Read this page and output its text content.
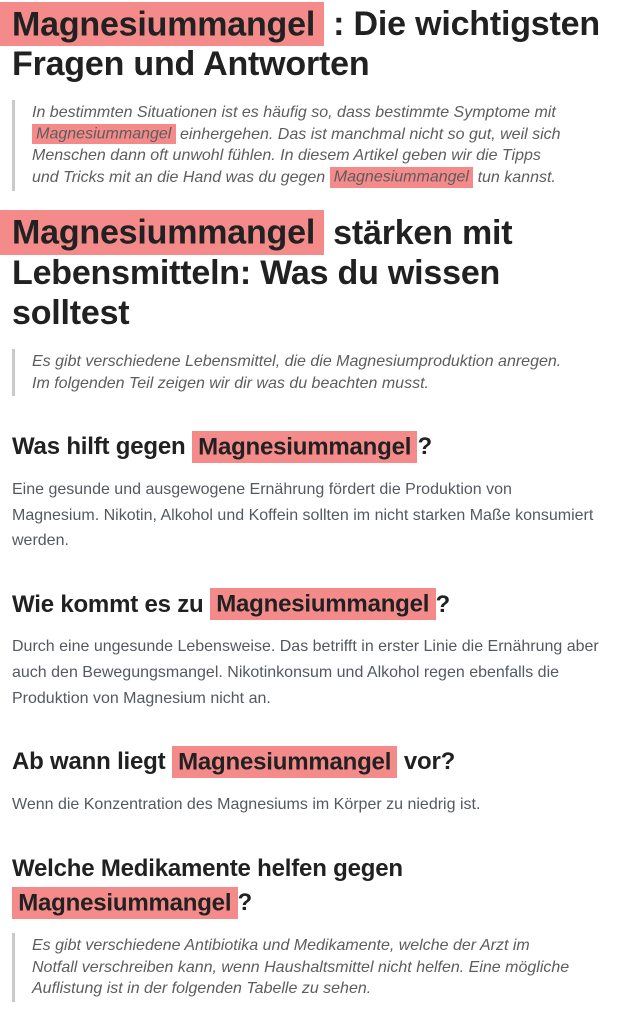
Magnesiummangel : Die wichtigsten Fragen und Antworten
In bestimmten Situationen ist es häufig so, dass bestimmte Symptome mit Magnesiummangel einhergehen. Das ist manchmal nicht so gut, weil sich Menschen dann oft unwohl fühlen. In diesem Artikel geben wir die Tipps und Tricks mit an die Hand was du gegen Magnesiummangel tun kannst.
Magnesiummangel stärken mit Lebensmitteln: Was du wissen solltest
Es gibt verschiedene Lebensmittel, die die Magnesiumproduktion anregen. Im folgenden Teil zeigen wir dir was du beachten musst.
Was hilft gegen Magnesiummangel ?

Eine gesunde und ausgewogene Ernährung fördert die Produktion von Magnesium. Nikotin, Alkohol und Koffein sollten im nicht starken Maße konsumiert werden.

Wie kommt es zu Magnesiummangel ?

Durch eine ungesunde Lebensweise. Das betrifft in erster Linie die Ernährung aber auch den Bewegungsmangel. Nikotinkonsum und Alkohol regen ebenfalls die Produktion von Magnesium nicht an.

Ab wann liegt Magnesiummangel vor?

Wenn die Konzentration des Magnesiums im Körper zu niedrig ist.

Welche Medikamente helfen gegen Magnesiummangel ?
Es gibt verschiedene Antibiotika und Medikamente, welche der Arzt im Notfall verschreiben kann, wenn Haushaltsmittel nicht helfen. Eine mögliche Auflistung ist in der folgenden Tabelle zu sehen.
